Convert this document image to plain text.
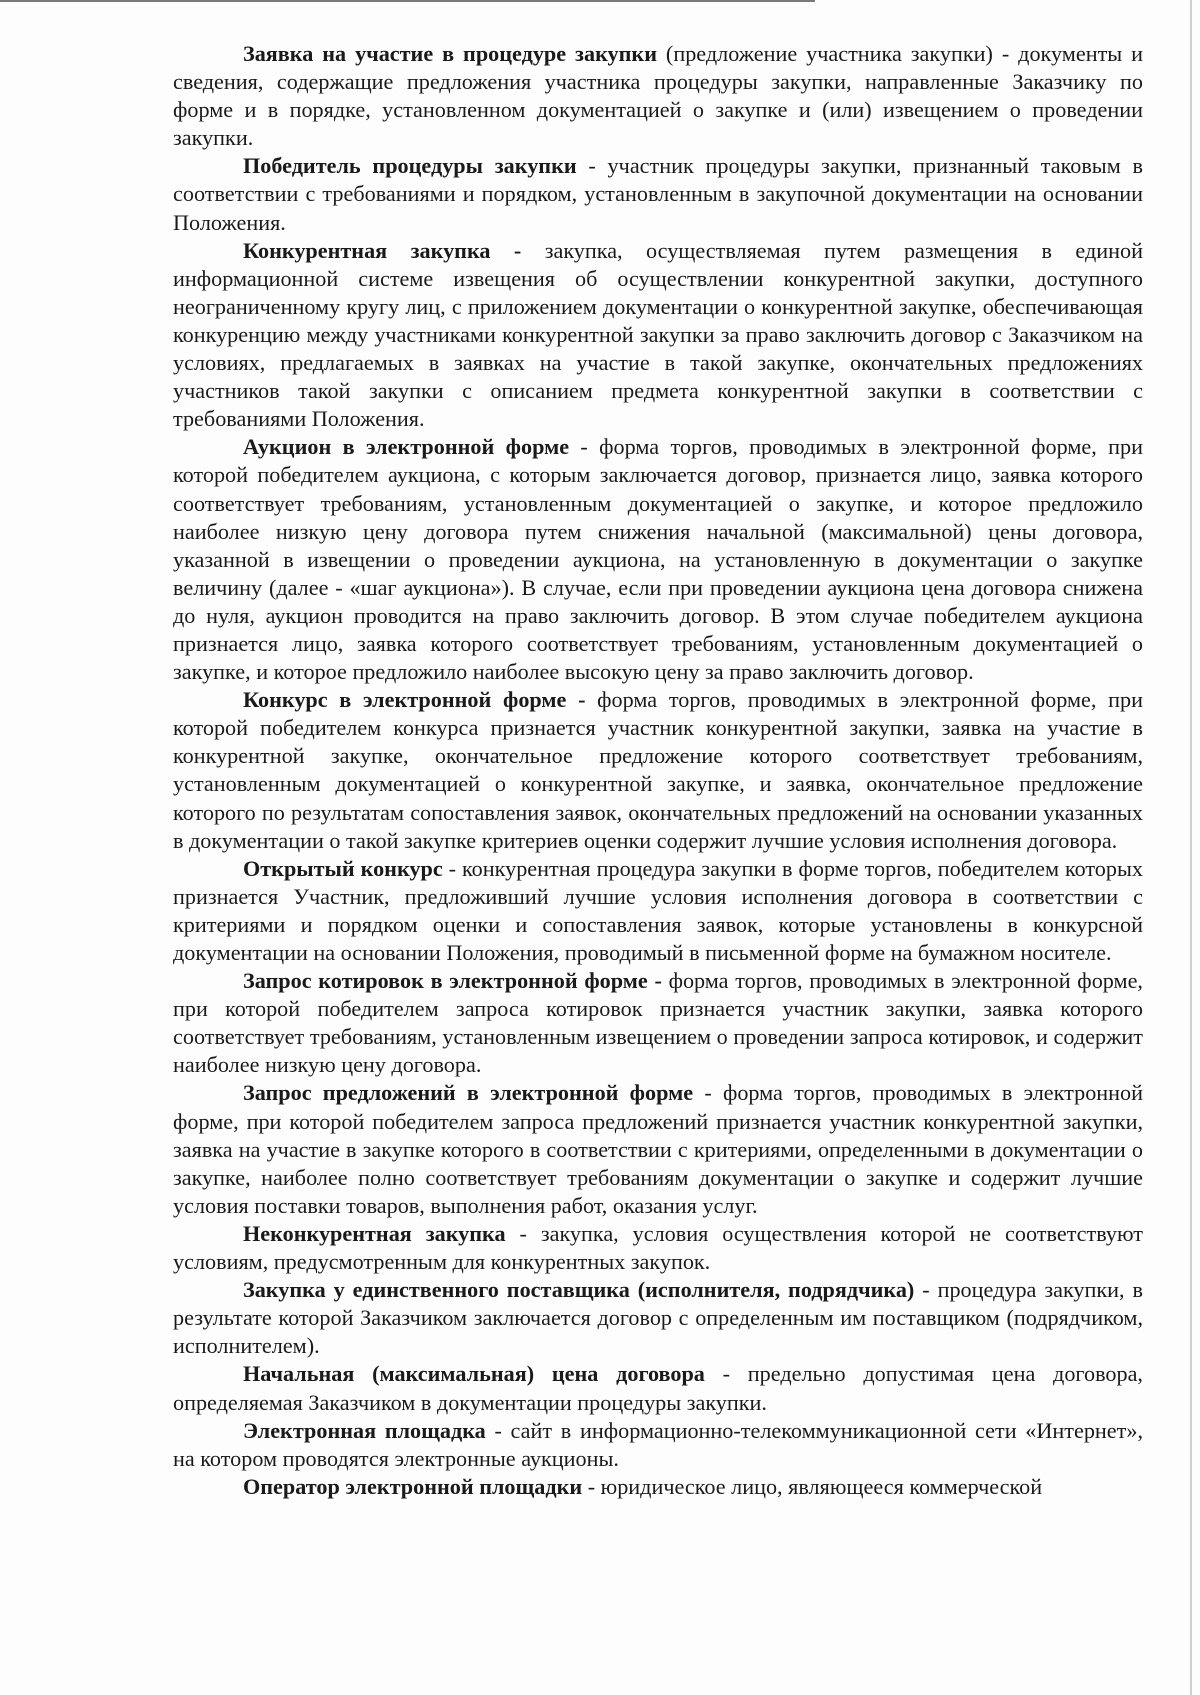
Заявка на участие в процедуре закупки (предложение участника закупки) - документы и сведения, содержащие предложения участника процедуры закупки, направленные Заказчику по форме и в порядке, установленном документацией о закупке и (или) извещением о проведении закупки.

Победитель процедуры закупки - участник процедуры закупки, признанный таковым в соответствии с требованиями и порядком, установленным в закупочной документации на основании Положения.

Конкурентная закупка - закупка, осуществляемая путем размещения в единой информационной системе извещения об осуществлении конкурентной закупки, доступного неограниченному кругу лиц, с приложением документации о конкурентной закупке, обеспечивающая конкуренцию между участниками конкурентной закупки за право заключить договор с Заказчиком на условиях, предлагаемых в заявках на участие в такой закупке, окончательных предложениях участников такой закупки с описанием предмета конкурентной закупки в соответствии с требованиями Положения.

Аукцион в электронной форме - форма торгов, проводимых в электронной форме, при которой победителем аукциона, с которым заключается договор, признается лицо, заявка которого соответствует требованиям, установленным документацией о закупке, и которое предложило наиболее низкую цену договора путем снижения начальной (максимальной) цены договора, указанной в извещении о проведении аукциона, на установленную в документации о закупке величину (далее - «шаг аукциона»). В случае, если при проведении аукциона цена договора снижена до нуля, аукцион проводится на право заключить договор. В этом случае победителем аукциона признается лицо, заявка которого соответствует требованиям, установленным документацией о закупке, и которое предложило наиболее высокую цену за право заключить договор.

Конкурс в электронной форме - форма торгов, проводимых в электронной форме, при которой победителем конкурса признается участник конкурентной закупки, заявка на участие в конкурентной закупке, окончательное предложение которого соответствует требованиям, установленным документацией о конкурентной закупке, и заявка, окончательное предложение которого по результатам сопоставления заявок, окончательных предложений на основании указанных в документации о такой закупке критериев оценки содержит лучшие условия исполнения договора.

Открытый конкурс - конкурентная процедура закупки в форме торгов, победителем которых признается Участник, предложивший лучшие условия исполнения договора в соответствии с критериями и порядком оценки и сопоставления заявок, которые установлены в конкурсной документации на основании Положения, проводимый в письменной форме на бумажном носителе.

Запрос котировок в электронной форме - форма торгов, проводимых в электронной форме, при которой победителем запроса котировок признается участник закупки, заявка которого соответствует требованиям, установленным извещением о проведении запроса котировок, и содержит наиболее низкую цену договора.

Запрос предложений в электронной форме - форма торгов, проводимых в электронной форме, при которой победителем запроса предложений признается участник конкурентной закупки, заявка на участие в закупке которого в соответствии с критериями, определенными в документации о закупке, наиболее полно соответствует требованиям документации о закупке и содержит лучшие условия поставки товаров, выполнения работ, оказания услуг.

Неконкурентная закупка - закупка, условия осуществления которой не соответствуют условиям, предусмотренным для конкурентных закупок.

Закупка у единственного поставщика (исполнителя, подрядчика) - процедура закупки, в результате которой Заказчиком заключается договор с определенным им поставщиком (подрядчиком, исполнителем).

Начальная (максимальная) цена договора - предельно допустимая цена договора, определяемая Заказчиком в документации процедуры закупки.

Электронная площадка - сайт в информационно-телекоммуникационной сети «Интернет», на котором проводятся электронные аукционы.

Оператор электронной площадки - юридическое лицо, являющееся коммерческой
